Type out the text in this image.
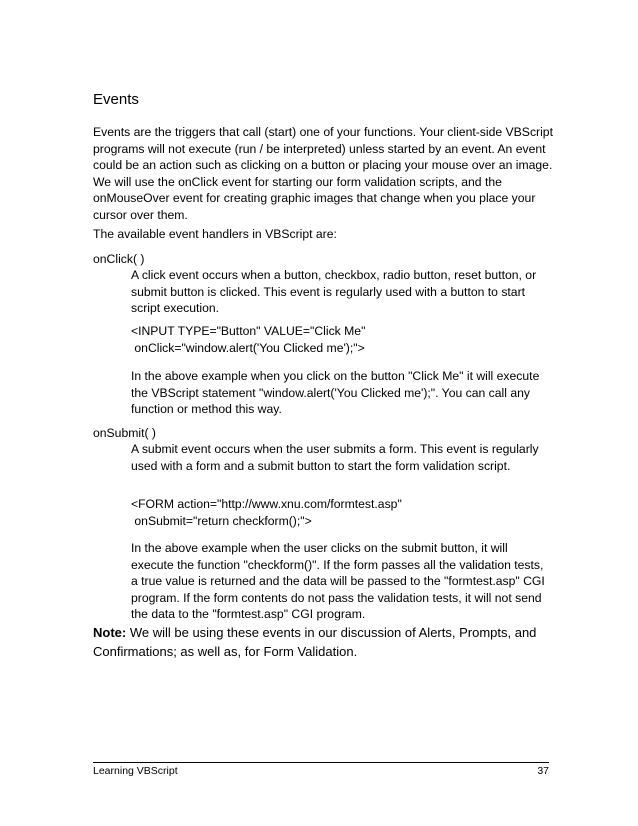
Events

Events are the triggers that call (start) one of your functions. Your client-side VBScript programs will not execute (run / be interpreted) unless started by an event. An event could be an action such as clicking on a button or placing your mouse over an image. We will use the onClick event for starting our form validation scripts, and the onMouseOver event for creating graphic images that change when you place your cursor over them.

The available event handlers in VBScript are:

onClick( )

A click event occurs when a button, checkbox, radio button, reset button, or submit button is clicked. This event is regularly used with a button to start script execution.

<INPUT TYPE="Button" VALUE="Click Me"
onClick="window.alert('You Clicked me');">

In the above example when you click on the button "Click Me" it will execute the VBScript statement "window.alert('You Clicked me');". You can call any function or method this way.

onSubmit( )

A submit event occurs when the user submits a form. This event is regularly used with a form and a submit button to start the form validation script.

<FORM action="http://www.xnu.com/formtest.asp"
onSubmit="return checkform();">

In the above example when the user clicks on the submit button, it will execute the function "checkform()". If the form passes all the validation tests, a true value is returned and the data will be passed to the "formtest.asp" CGI program. If the form contents do not pass the validation tests, it will not send the data to the "formtest.asp" CGI program.

Note: We will be using these events in our discussion of Alerts, Prompts, and Confirmations; as well as, for Form Validation.

Learning VBScript	37
